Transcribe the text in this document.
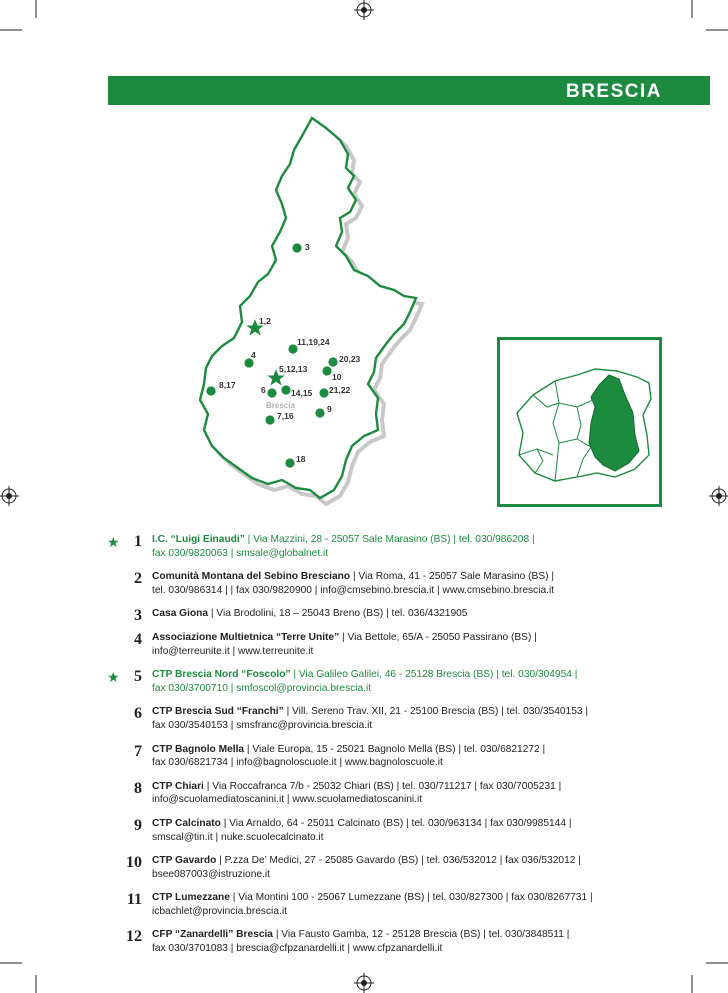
BRESCIA
Brescia
3
1,2
11,19,24
4	20,23
5,12,13
10
8,17	6	14,15 21,22
9
7,16
18
★ 1 I.C. “Luigi Einaudi” | Via Mazzini, 28 - 25057 Sale Marasino (BS) | tel. 030/986208 |
fax 030/9820063 | smsale@globalnet.it
2 Comunità Montana del Sebino Bresciano | Via Roma, 41 - 25057 Sale Marasino (BS) |
tel. 030/986314 | | fax 030/9820900 | info@cmsebino.brescia.it | www.cmsebino.brescia.it
3 Casa Giona | Via Brodolini, 18 – 25043 Breno (BS) | tel. 036/4321905
4 Associazione Multietnica “Terre Unite” | Via Bettole, 65/A - 25050 Passirano (BS) |
info@terreunite.it | www.terreunite.it
★ 5 CTP Brescia Nord “Foscolo” | Via Galileo Galilei, 46 - 25128 Brescia (BS) | tel. 030/304954 |
fax 030/3700710 | smfoscol@provincia.brescia.it
6 CTP Brescia Sud “Franchi” | Vill. Sereno Trav. XII, 21 - 25100 Brescia (BS) | tel. 030/3540153 |
fax 030/3540153 | smsfranc@provincia.brescia.it
7 CTP Bagnolo Mella | Viale Europa, 15 - 25021 Bagnolo Mella (BS) | tel. 030/6821272 |
fax 030/6821734 | info@bagnoloscuole.it | www.bagnoloscuole.it
8 CTP Chiari | Via Roccafranca 7/b - 25032 Chiari (BS) | tel. 030/711217 | fax 030/7005231 |
info@scuolamediatoscanini.it | www.scuolamediatoscanini.it
9 CTP Calcinato | Via Arnaldo, 64 - 25011 Calcinato (BS) | tel. 030/963134 | fax 030/9985144 |
smscal@tin.it | nuke.scuolecalcinato.it
10 CTP Gavardo | P.zza De’ Medici, 27 - 25085 Gavardo (BS) | tel. 036/532012 | fax 036/532012 |
bsee087003@istruzione.it
11 CTP Lumezzane | Via Montini 100 - 25067 Lumezzane (BS) | tel. 030/827300 | fax 030/8267731 |
icbachlet@provincia.brescia.it
12 CFP “Zanardelli” Brescia | Via Fausto Gamba, 12 - 25128 Brescia (BS) | tel. 030/3848511 |
fax 030/3701083 | brescia@cfpzanardelli.it | www.cfpzanardelli.it
